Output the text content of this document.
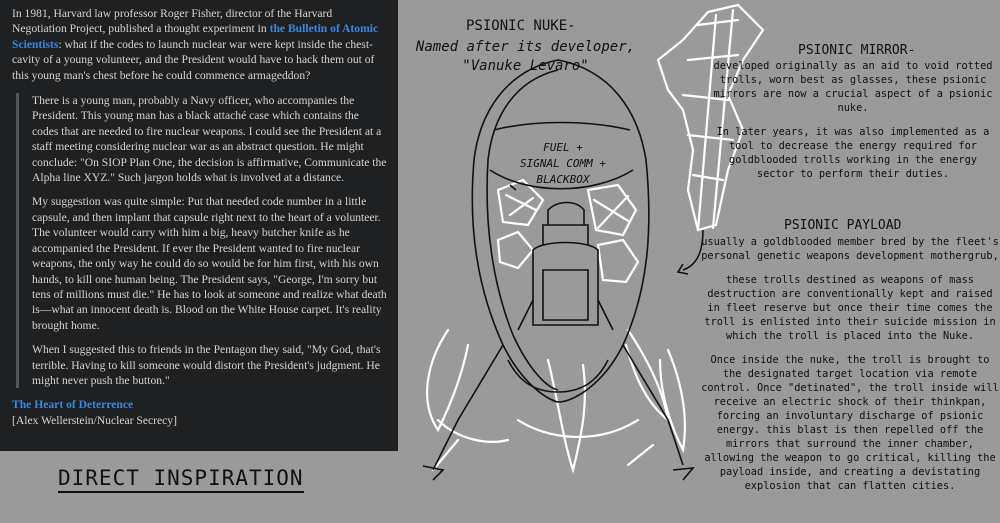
In 1981, Harvard law professor Roger Fisher, director of the Harvard Negotiation Project, published a thought experiment in the Bulletin of Atomic Scientists: what if the codes to launch nuclear war were kept inside the chest-cavity of a young volunteer, and the President would have to hack them out of this young man's chest before he could commence armageddon?

There is a young man, probably a Navy officer, who accompanies the President. This young man has a black attaché case which contains the codes that are needed to fire nuclear weapons. I could see the President at a staff meeting considering nuclear war as an abstract question. He might conclude: "On SIOP Plan One, the decision is affirmative, Communicate the Alpha line XYZ." Such jargon holds what is involved at a distance.

My suggestion was quite simple: Put that needed code number in a little capsule, and then implant that capsule right next to the heart of a volunteer. The volunteer would carry with him a big, heavy butcher knife as he accompanied the President. If ever the President wanted to fire nuclear weapons, the only way he could do so would be for him first, with his own hands, to kill one human being. The President says, "George, I'm sorry but tens of millions must die." He has to look at someone and realize what death is—what an innocent death is. Blood on the White House carpet. It's reality brought home.

When I suggested this to friends in the Pentagon they said, "My God, that's terrible. Having to kill someone would distort the President's judgment. He might never push the button."

The Heart of Deterrence

[Alex Wellerstein/Nuclear Secrecy]

DIRECT INSPIRATION
PSIONIC NUKE-
Named after its developer,
"Vanuke Levaro"
FUEL +
SIGNAL COMM +
BLACKBOX
PSIONIC MIRROR-

developed originally as an aid to void rotted trolls, worn best as glasses, these psionic mirrors are now a crucial aspect of a psionic nuke.

In later years, it was also implemented as a tool to decrease the energy required for goldblooded trolls working in the energy sector to perform their duties.

PSIONIC PAYLOAD

usually a goldblooded member bred by the fleet's personal genetic weapons development mothergrub,

these trolls destined as weapons of mass destruction are conventionally kept and raised in fleet reserve but once their time comes the troll is enlisted into their suicide mission in which the troll is placed into the Nuke.

Once inside the nuke, the troll is brought to the designated target location via remote control. Once "detinated", the troll inside will receive an electric shock of their thinkpan, forcing an involuntary discharge of psionic energy. this blast is then repelled off the mirrors that surround the inner chamber, allowing the weapon to go critical, killing the payload inside, and creating a devistating explosion that can flatten cities.
